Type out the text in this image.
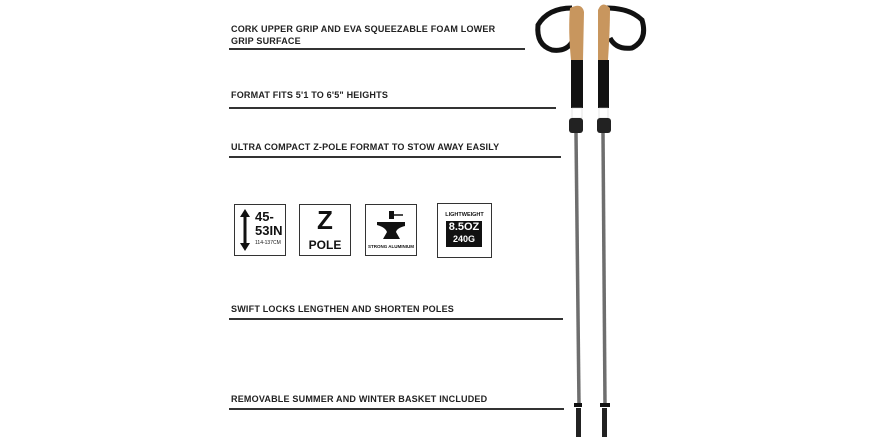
CORK UPPER GRIP AND EVA SQUEEZABLE FOAM LOWER
GRIP SURFACE
FORMAT FITS 5'1 TO 6'5" HEIGHTS
ULTRA COMPACT Z-POLE FORMAT TO STOW AWAY EASILY
45-
53IN
114-137CM
Z
POLE	STRONG ALUMINIUM
LIGHTWEIGHT
8.5OZ
240G
SWIFT LOCKS LENGTHEN AND SHORTEN POLES
REMOVABLE SUMMER AND WINTER BASKET INCLUDED
